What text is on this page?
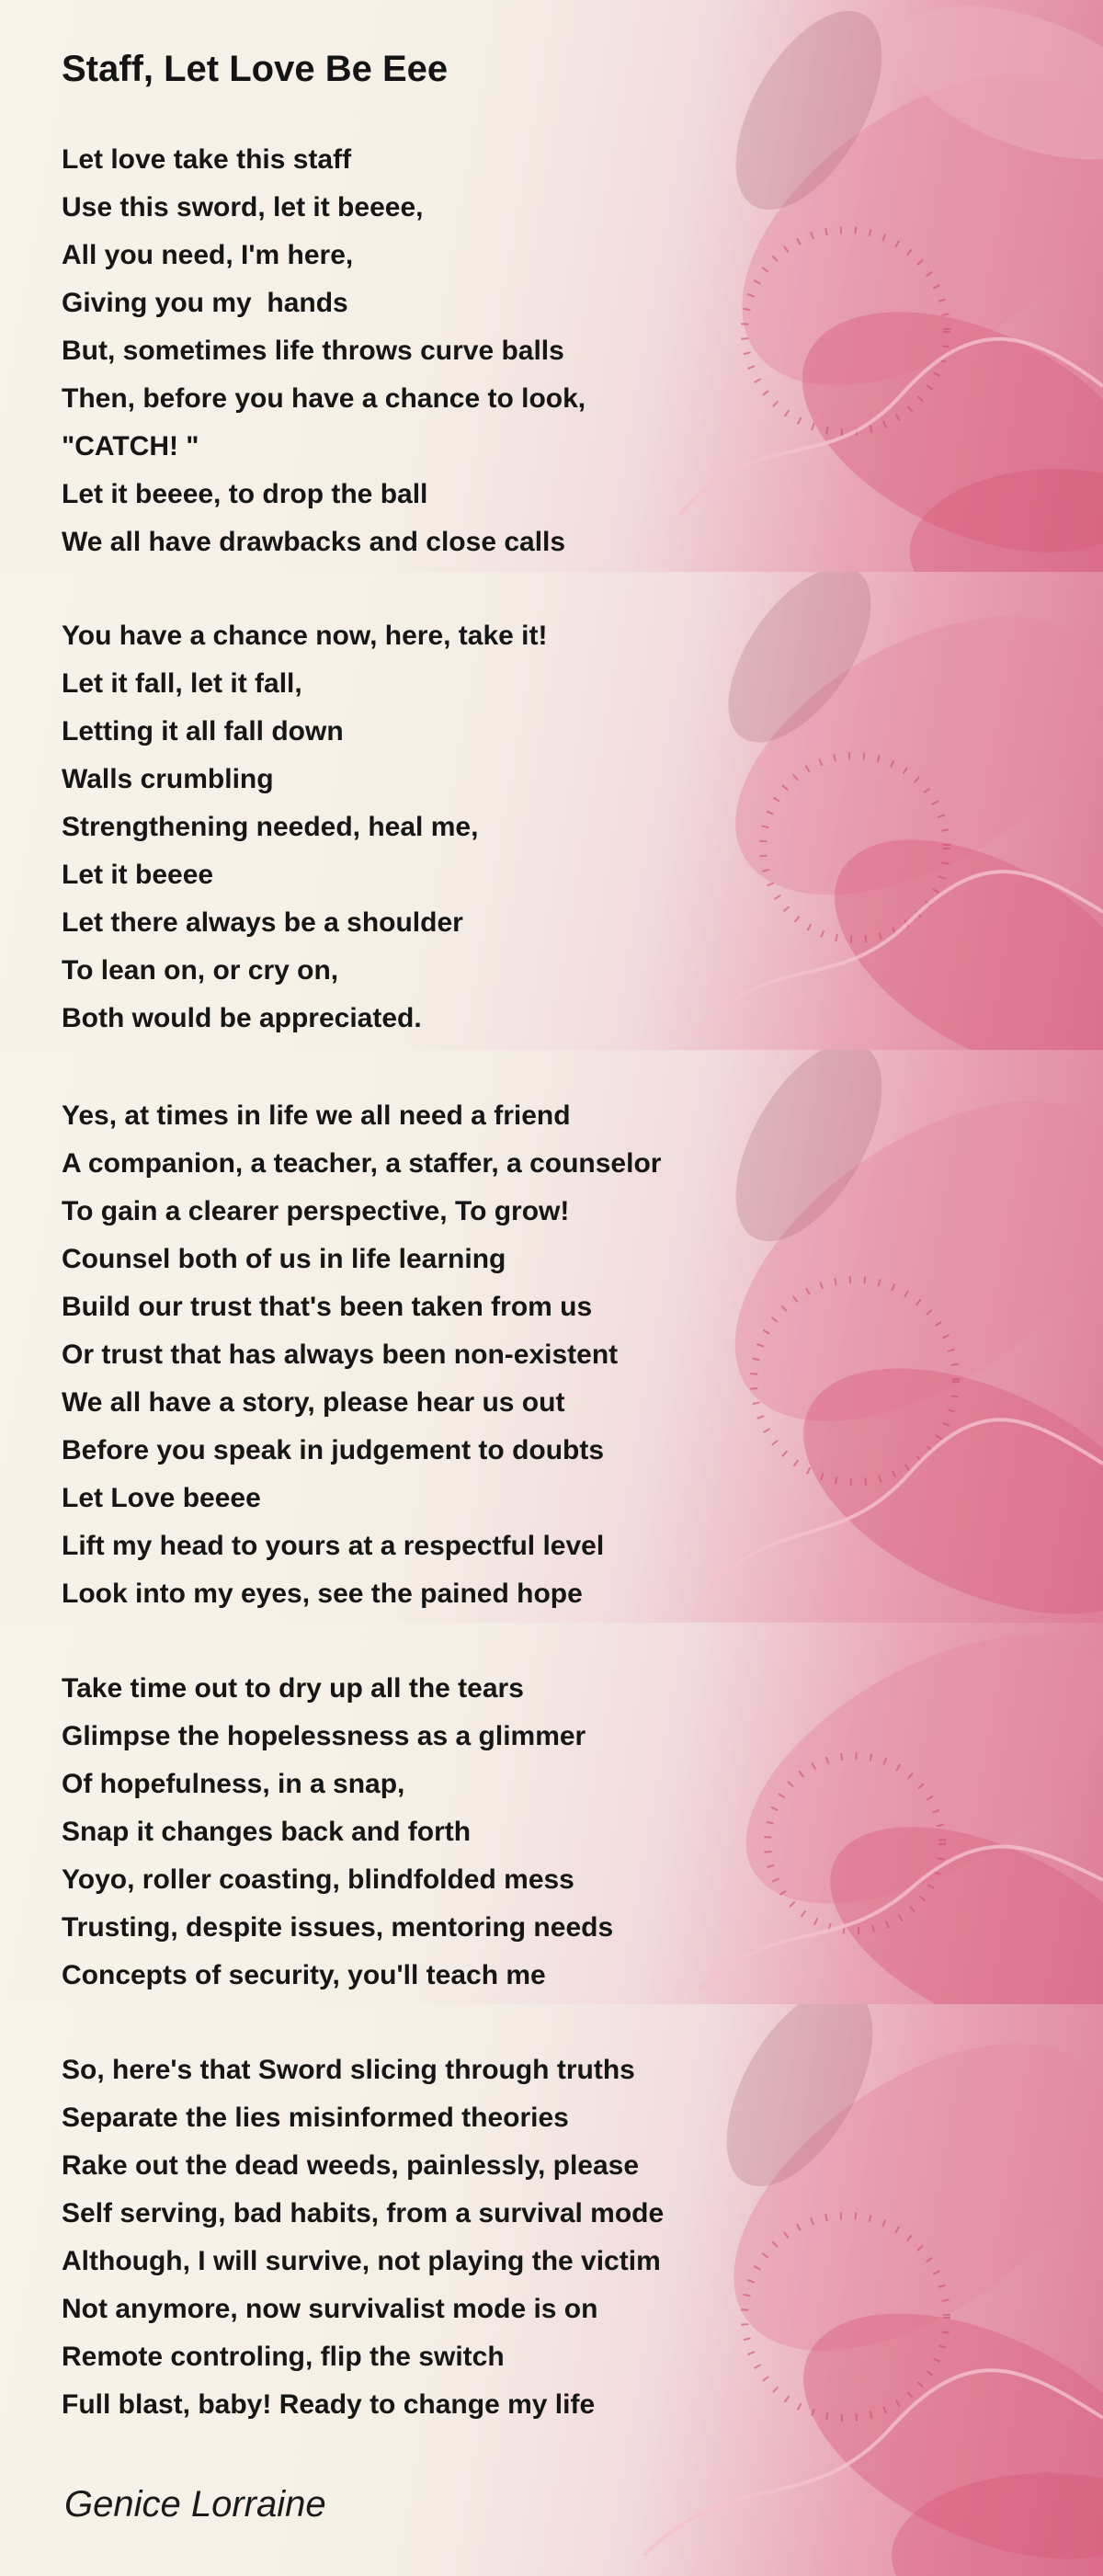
Staff, Let Love Be⁠ Eee
Let love take this staff
Use this sword, let it be⁠eee,
All you need, I'm here,
Giving you my ⁠ hands ⁠
But, sometimes life throws curve balls
Then, before you have a chance to look,
"CATCH! "
Let it be⁠eee, to drop the ball
We all have drawbacks and close calls
You have a chance now, here, take it!
Let it fall, let it fall,
Letting it all fall down
Walls crumbling
Strengthening needed, heal me,
Let it be⁠eee
Let there always be a shoulder
To lean on, or cry on,
Both would be appreciated.
Yes, at times in life we all need a friend
A companion, a teacher, a staffer, a counselor
To gain a clearer perspective, To grow!
Counsel both of us in life learning
Build our trust that's been taken from us
Or trust that has always been non-existent
We all have a story, please hear us out
Before you speak in judgement to doubts
Let Love be⁠eee
Lift my head to yours at a respectful level
Look into my eyes, see the pained hope
Take time out to dry up all the tears
Glimpse the hopelessness as a glimmer
Of hopefulness, in a snap,
Snap it changes back and forth
Yoyo, roller coasting, blindfolded mess
Trusting, despite issues, mentoring needs
Concepts of security, you'll teach me
So, here's that Sword slicing through truths
Separate the lies misinformed theories
Rake out the dead weeds, painlessly, please
Self serving, bad habits, from a survival mode
Although, I will survive, not playing the victim
Not anymore, now survivalist mode is on
Remote controling, flip the switch
Full blast, baby! Ready to change my life
Genice Lorraine
